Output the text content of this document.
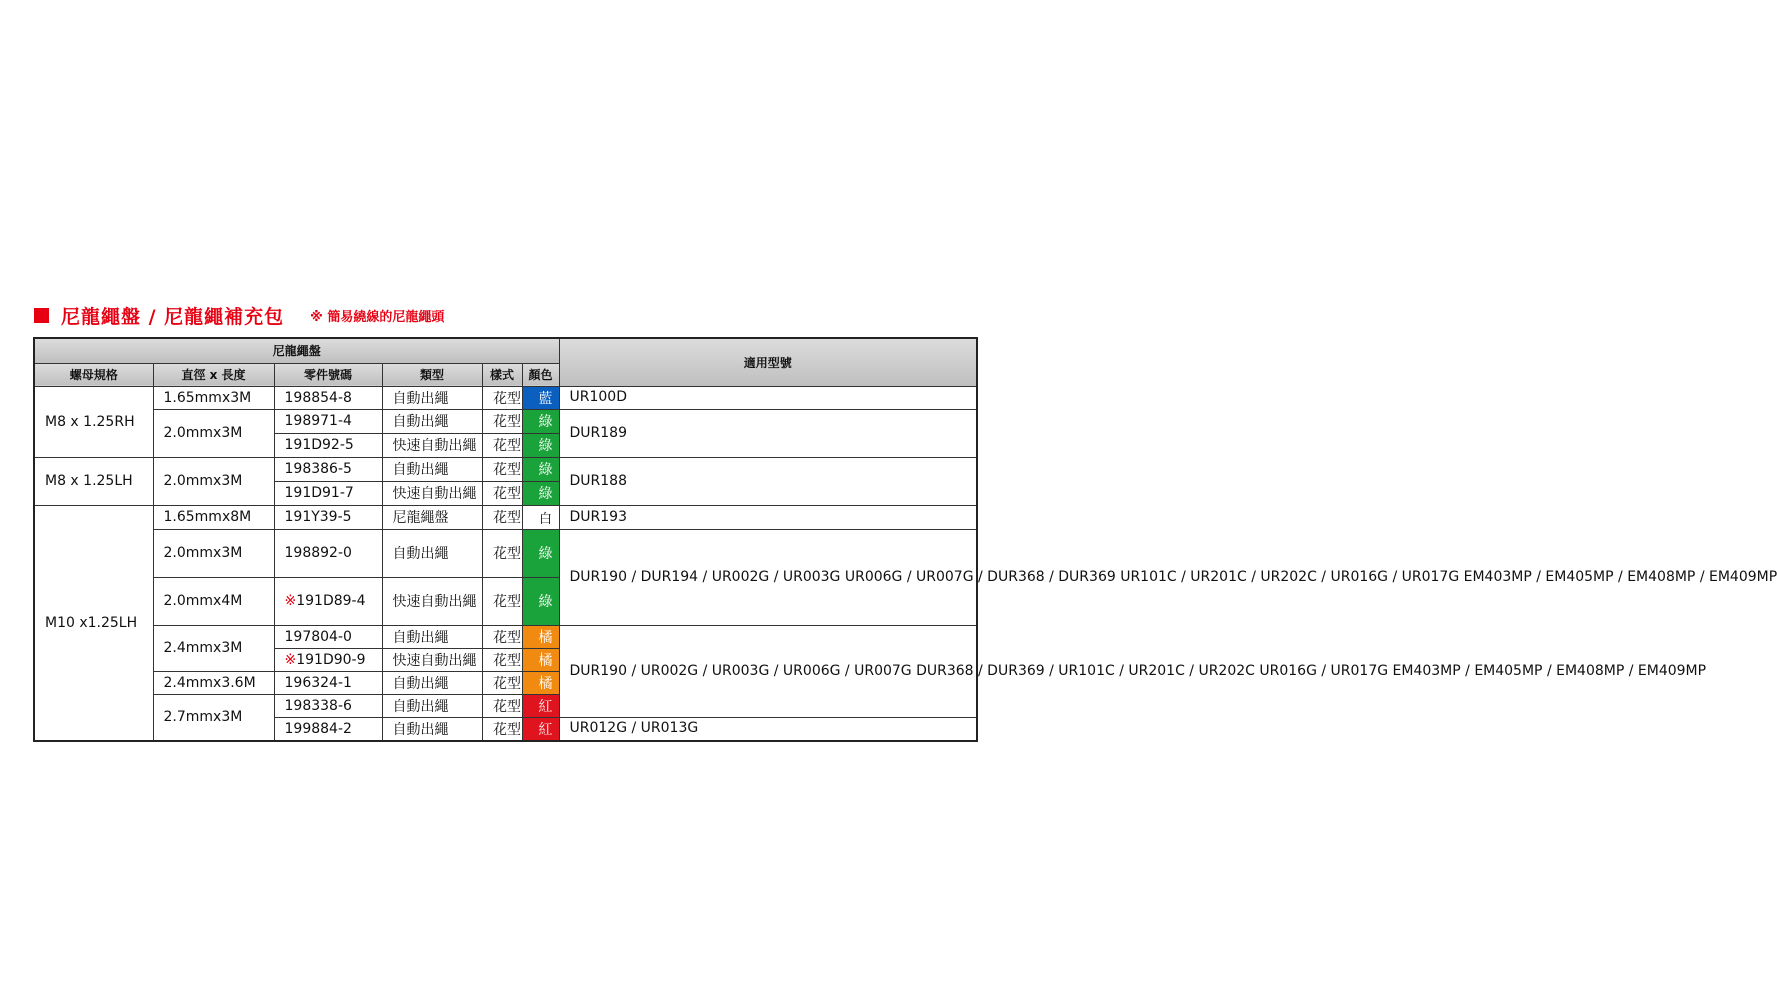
尼龍繩盤 / 尼龍繩補充包 ※ 簡易繞線的尼龍繩頭
尼龍繩盤						適用型號
螺母規格	直徑 x 長度	零件號碼	類型	樣式	顏色	
M8 x 1.25RH	1.65mmx3M	198854-8	自動出繩	花型	藍	UR100D
	2.0mmx3M	198971-4	自動出繩	花型	綠	DUR189
		191D92-5	快速自動出繩	花型	綠	
M8 x 1.25LH	2.0mmx3M	198386-5	自動出繩	花型	綠	DUR188
		191D91-7	快速自動出繩	花型	綠	
M10 x1.25LH	1.65mmx8M	191Y39-5	尼龍繩盤	花型	白	DUR193
	2.0mmx3M	198892-0	自動出繩	花型	綠	DUR190 / DUR194 / UR002G / UR003G UR006G / UR007G / DUR368 / DUR369 UR101C / UR201C / UR202C / UR016G / UR017G EM403MP / EM405MP / EM408MP / EM409MP
	2.0mmx4M	※191D89-4	快速自動出繩	花型	綠	
	2.4mmx3M	197804-0	自動出繩	花型	橘	DUR190 / UR002G / UR003G / UR006G / UR007G DUR368 / DUR369 / UR101C / UR201C / UR202C UR016G / UR017G EM403MP / EM405MP / EM408MP / EM409MP
		※191D90-9	快速自動出繩	花型	橘	
	2.4mmx3.6M	196324-1	自動出繩	花型	橘	
	2.7mmx3M	198338-6	自動出繩	花型	紅	
		199884-2	自動出繩	花型	紅	UR012G / UR013G
